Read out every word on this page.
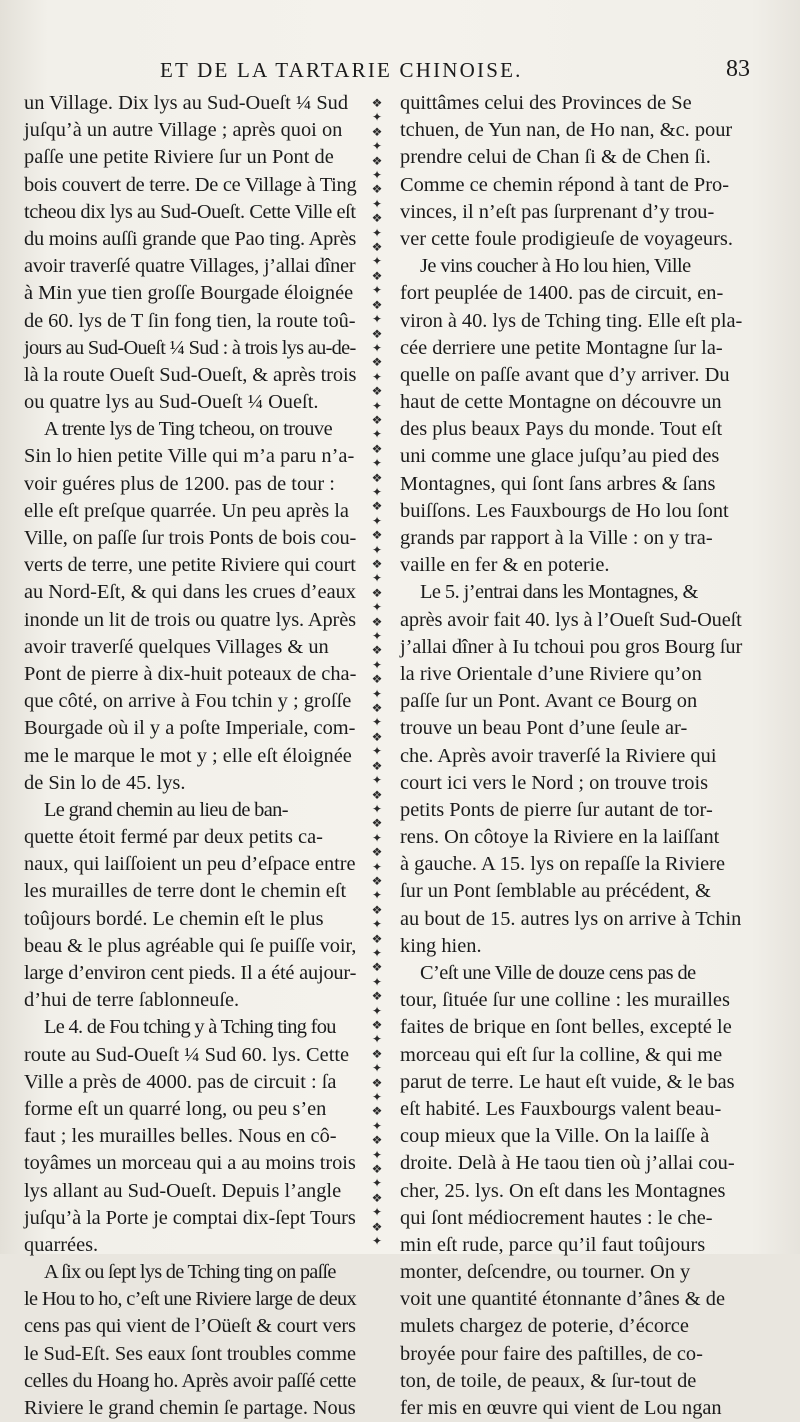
ET DE LA TARTARIE CHINOISE.	83
un Village. Dix lys au Sud-Oueſt ¼ Sud
juſqu’à un autre Village ; après quoi on
paſſe une petite Riviere ſur un Pont de
bois couvert de terre. De ce Village à Ting
tcheou dix lys au Sud-Oueſt. Cette Ville eſt
du moins auſſi grande que Pao ting. Après
avoir traverſé quatre Villages, j’allai dîner
à Min yue tien groſſe Bourgade éloignée
de 60. lys de T ſin fong tien, la route toû-
jours au Sud-Oueſt ¼ Sud : à trois lys au-de-
là la route Oueſt Sud-Oueſt, & après trois
ou quatre lys au Sud-Oueſt ¼ Oueſt.
A trente lys de Ting tcheou, on trouve
Sin lo hien petite Ville qui m’a paru n’a-
voir guéres plus de 1200. pas de tour :
elle eſt preſque quarrée. Un peu après la
Ville, on paſſe ſur trois Ponts de bois cou-
verts de terre, une petite Riviere qui court
au Nord-Eſt, & qui dans les crues d’eaux
inonde un lit de trois ou quatre lys. Après
avoir traverſé quelques Villages & un
Pont de pierre à dix-huit poteaux de cha-
que côté, on arrive à Fou tchin y ; groſſe
Bourgade où il y a poſte Imperiale, com-
me le marque le mot y ; elle eſt éloignée
de Sin lo de 45. lys.
Le grand chemin au lieu de ban-
quette étoit fermé par deux petits ca-
naux, qui laiſſoient un peu d’eſpace entre
les murailles de terre dont le chemin eſt
toûjours bordé. Le chemin eſt le plus
beau & le plus agréable qui ſe puiſſe voir,
large d’environ cent pieds. Il a été aujour-
d’hui de terre ſablonneuſe.
Le 4. de Fou tching y à Tching ting fou
route au Sud-Oueſt ¼ Sud 60. lys. Cette
Ville a près de 4000. pas de circuit : ſa
forme eſt un quarré long, ou peu s’en
faut ; les murailles belles. Nous en cô-
toyâmes un morceau qui a au moins trois
lys allant au Sud-Oueſt. Depuis l’angle
juſqu’à la Porte je comptai dix-ſept Tours
quarrées.
A ſix ou ſept lys de Tching ting on paſſe
le Hou to ho, c’eſt une Riviere large de deux
cens pas qui vient de l’Oüeſt & court vers
le Sud-Eſt. Ses eaux ſont troubles comme
celles du Hoang ho. Après avoir paſſé cette
Riviere le grand chemin ſe partage. Nous
❖
✦
❖
✦
❖
✦
❖
✦
❖
✦
❖
✦
❖
✦
❖
✦
❖
✦
❖
✦
❖
✦
❖
✦
❖
✦
❖
✦
❖
✦
❖
✦
❖
✦
❖
✦
❖
✦
❖
✦
❖
✦
❖
✦
❖
✦
❖
✦
❖
✦
❖
✦
❖
✦
❖
✦
❖
✦
❖
✦
❖
✦
❖
✦
❖
✦
❖
✦
❖
✦
❖
✦
❖
✦
❖
✦
❖
✦
❖
✦

quittâmes celui des Provinces de Se
tchuen, de Yun nan, de Ho nan, &c. pour
prendre celui de Chan ſi & de Chen ſi.
Comme ce chemin répond à tant de Pro-
vinces, il n’eſt pas ſurprenant d’y trou-
ver cette foule prodigieuſe de voyageurs.
Je vins coucher à Ho lou hien, Ville
fort peuplée de 1400. pas de circuit, en-
viron à 40. lys de Tching ting. Elle eſt pla-
cée derriere une petite Montagne ſur la-
quelle on paſſe avant que d’y arriver. Du
haut de cette Montagne on découvre un
des plus beaux Pays du monde. Tout eſt
uni comme une glace juſqu’au pied des
Montagnes, qui ſont ſans arbres & ſans
buiſſons. Les Fauxbourgs de Ho lou ſont
grands par rapport à la Ville : on y tra-
vaille en fer & en poterie.
Le 5. j’entrai dans les Montagnes, &
après avoir fait 40. lys à l’Oueſt Sud-Oueſt
j’allai dîner à Iu tchoui pou gros Bourg ſur
la rive Orientale d’une Riviere qu’on
paſſe ſur un Pont. Avant ce Bourg on
trouve un beau Pont d’une ſeule ar-
che. Après avoir traverſé la Riviere qui
court ici vers le Nord ; on trouve trois
petits Ponts de pierre ſur autant de tor-
rens. On côtoye la Riviere en la laiſſant
à gauche. A 15. lys on repaſſe la Riviere
ſur un Pont ſemblable au précédent, &
au bout de 15. autres lys on arrive à Tchin
king hien.
C’eſt une Ville de douze cens pas de
tour, ſituée ſur une colline : les murailles
faites de brique en ſont belles, excepté le
morceau qui eſt ſur la colline, & qui me
parut de terre. Le haut eſt vuide, & le bas
eſt habité. Les Fauxbourgs valent beau-
coup mieux que la Ville. On la laiſſe à
droite. Delà à He taou tien où j’allai cou-
cher, 25. lys. On eſt dans les Montagnes
qui ſont médiocrement hautes : le che-
min eſt rude, parce qu’il faut toûjours
monter, deſcendre, ou tourner. On y
voit une quantité étonnante d’ânes & de
mulets chargez de poterie, d’écorce
broyée pour faire des paſtilles, de co-
ton, de toile, de peaux, & ſur-tout de
fer mis en œuvre qui vient de Lou ngan
